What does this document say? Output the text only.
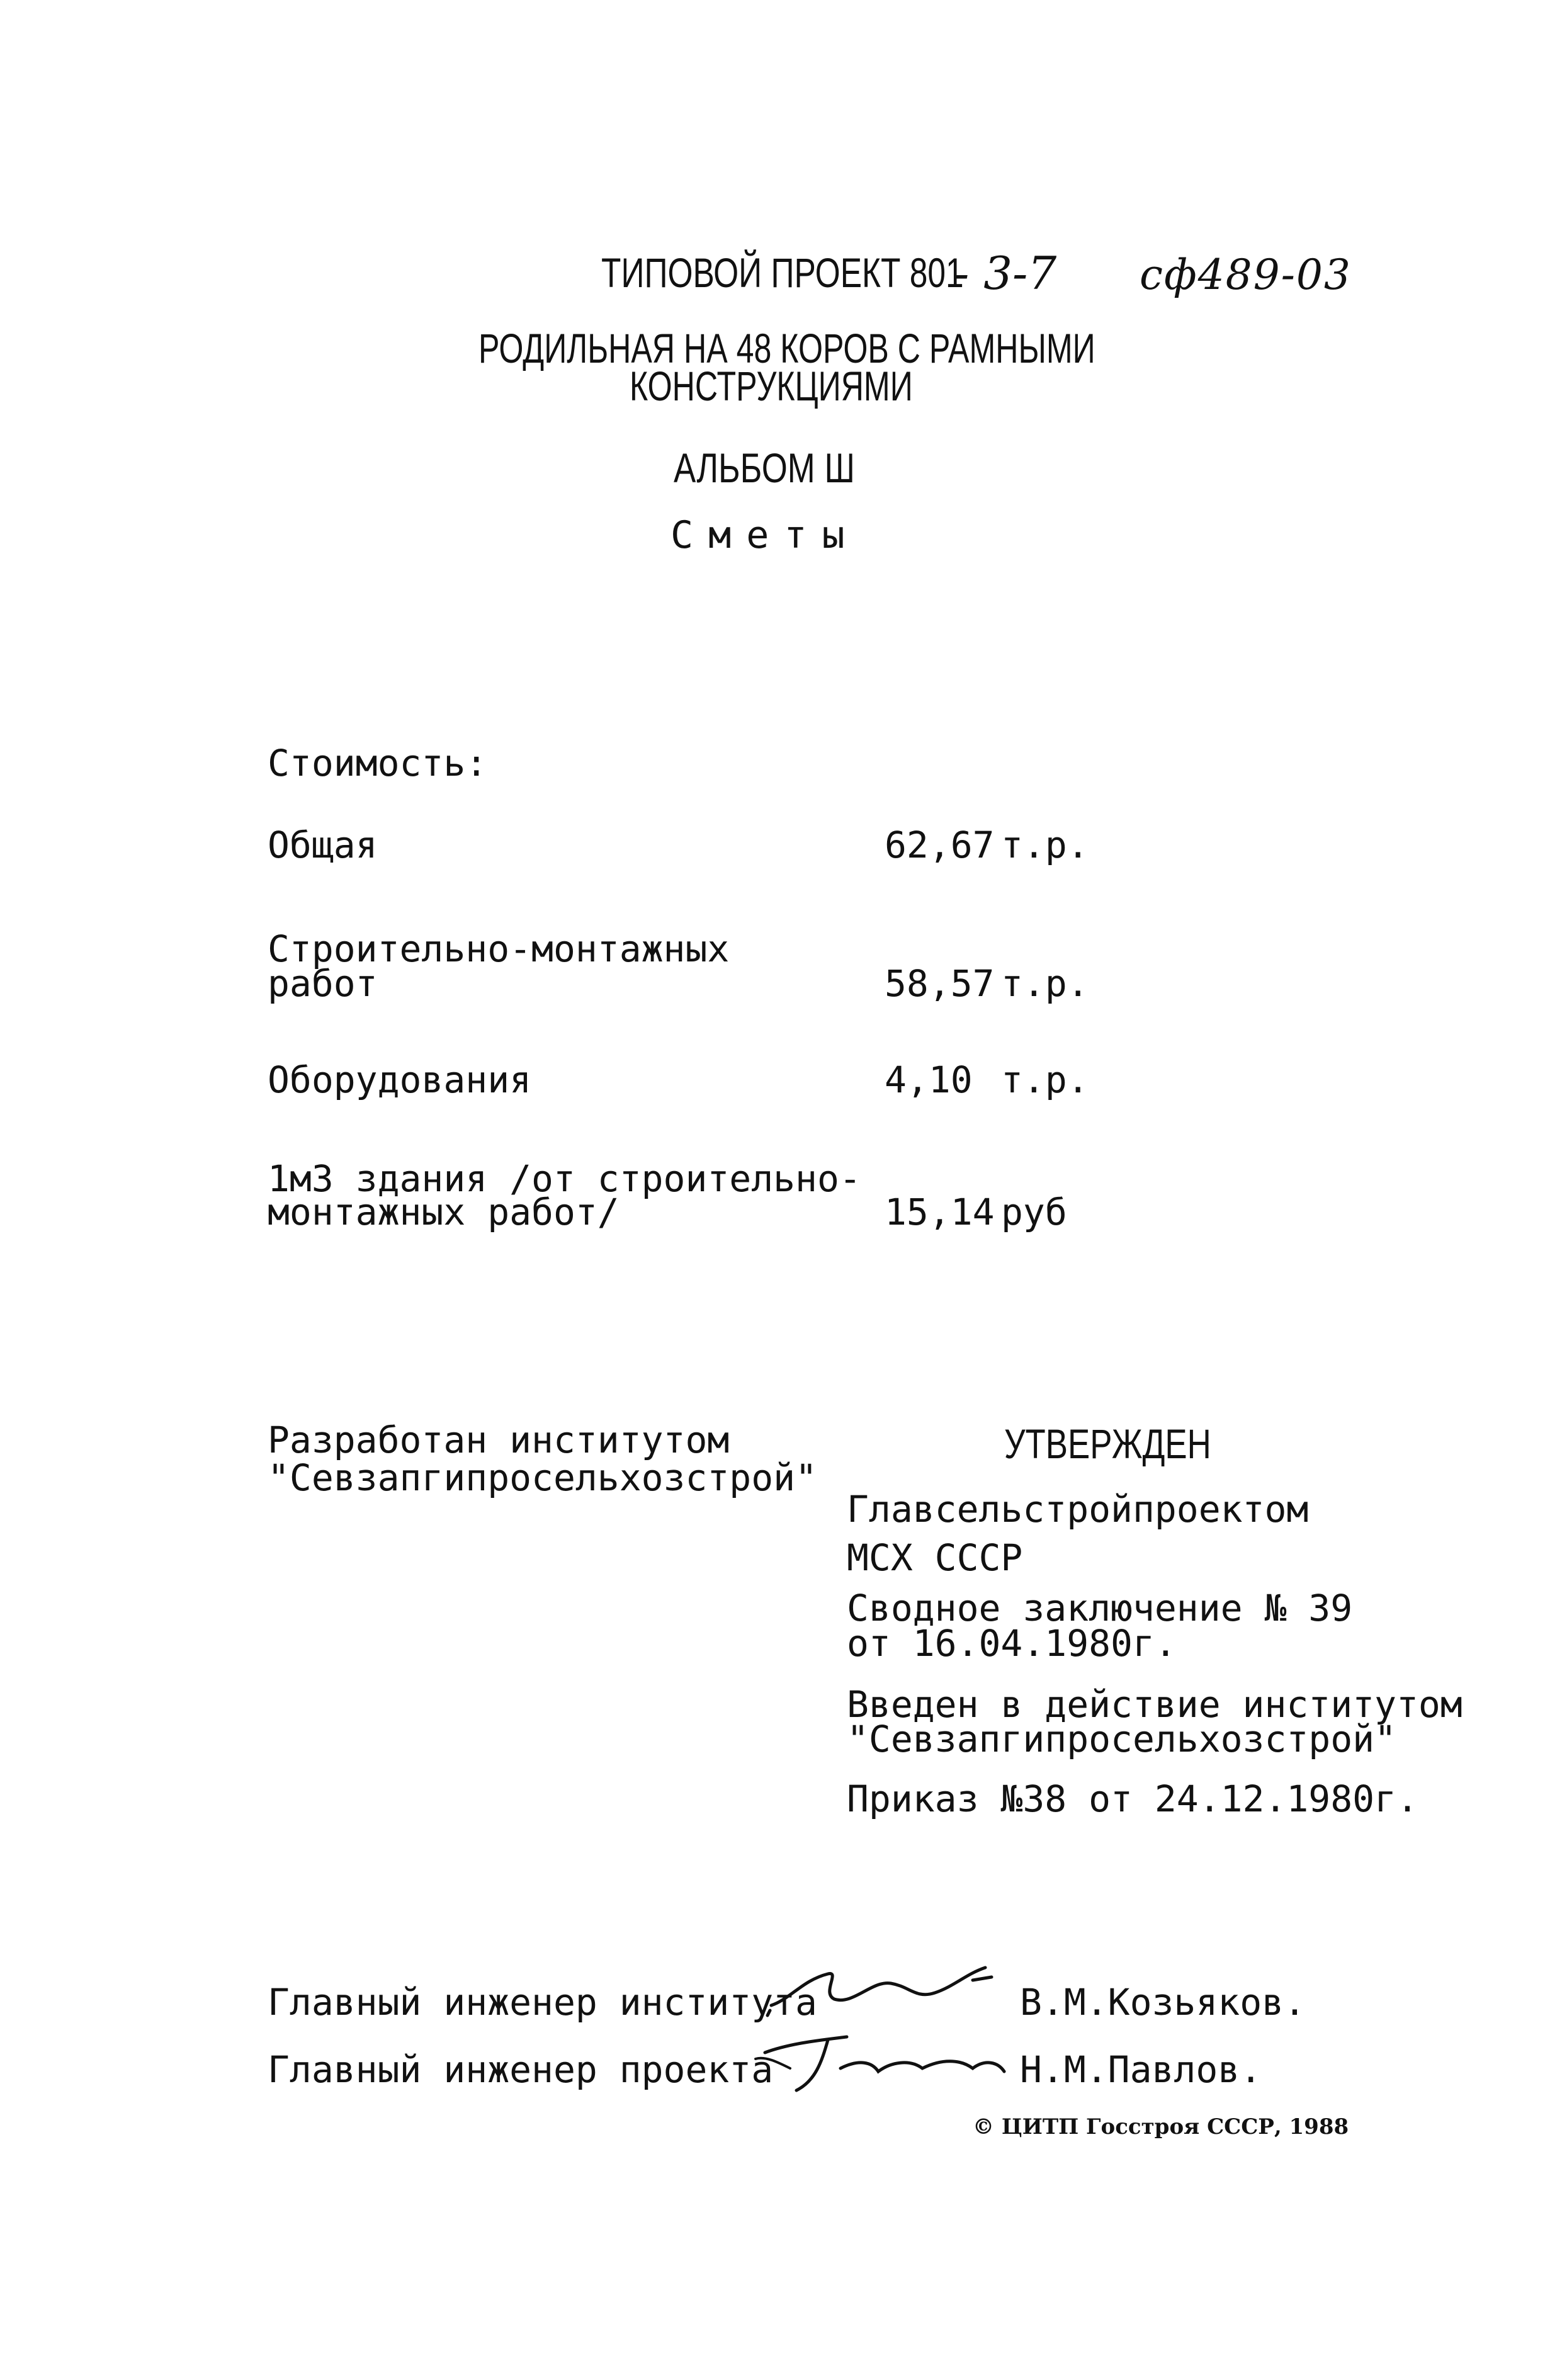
ТИПОВОЙ ПРОЕКТ 801
- 3-7 сф489-03
РОДИЛЬНАЯ НА 48 КОРОВ С РАМНЫМИ
КОНСТРУКЦИЯМИ
АЛЬБОМ Ш
Сметы
Стоимость:
Общая	62,67 т.р.
Строительно-монтажных
работ	58,57 т.р.
Оборудования	4,10 т.р.
1м3 здания /от строительно-
монтажных работ/	15,14 руб
Разработан институтом
"Севзапгипросельхозстрой"
УТВЕРЖДЕН
Главсельстройпроектом
МСХ СССР
Сводное заключение № 39
от 16.04.1980г.
Введен в действие институтом
"Севзапгипросельхозстрой"
Приказ №38 от 24.12.1980г.
Главный инженер института	В.М.Козьяков.
Главный инженер проекта	Н.М.Павлов.
© ЦИТП Госстроя СССР, 1988
